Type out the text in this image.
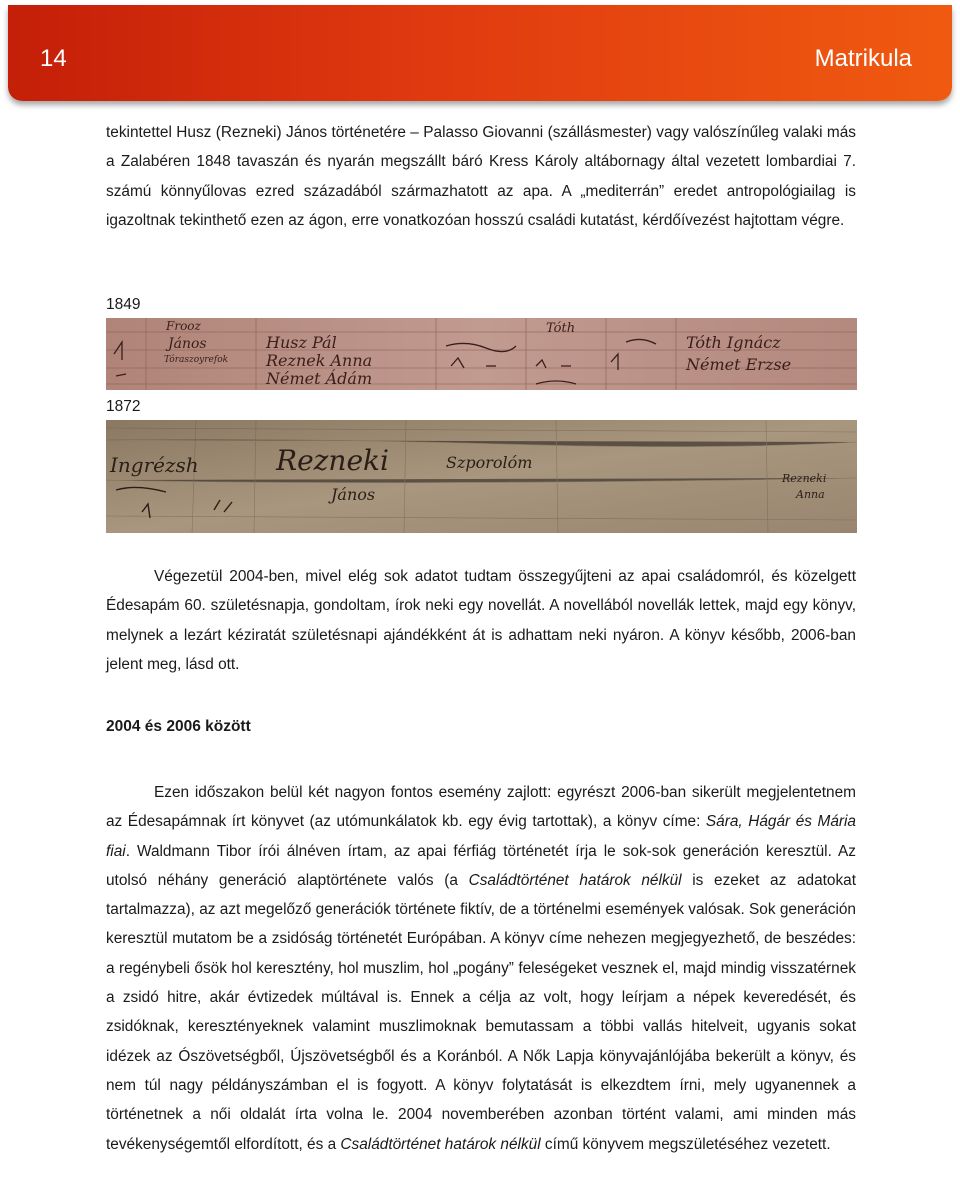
14	Matrikula

tekintettel Husz (Rezneki) János történetére – Palasso Giovanni (szállásmester) vagy valószínűleg valaki más a Zalabéren 1848 tavaszán és nyarán megszállt báró Kress Károly altábornagy által vezetett lombardiai 7. számú könnyűlovas ezred századából származhatott az apa. A „mediterrán” eredet antropológiailag is igazoltnak tekinthető ezen az ágon, erre vonatkozóan hosszú családi kutatást, kérdőívezést hajtottam végre.

1849

Frooz
János
Tóraszoyrefok
Husz Pál
Reznek Anna
Német Ádám
Tóth
Tóth Ignácz
Német Erzse

1872

Ingrézsh	Rezneki
János
Szporolóm
Rezneki
Anna

Végezetül 2004-ben, mivel elég sok adatot tudtam összegyűjteni az apai családomról, és közelgett Édesapám 60. születésnapja, gondoltam, írok neki egy novellát. A novellából novellák lettek, majd egy könyv, melynek a lezárt kéziratát születésnapi ajándékként át is adhattam neki nyáron. A könyv később, 2006-ban jelent meg, lásd ott.

2004 és 2006 között

Ezen időszakon belül két nagyon fontos esemény zajlott: egyrészt 2006-ban sikerült megjelentetnem az Édesapámnak írt könyvet (az utómunkálatok kb. egy évig tartottak), a könyv címe: Sára, Hágár és Mária fiai. Waldmann Tibor írói álnéven írtam, az apai férfiág történetét írja le sok-sok generáción keresztül. Az utolsó néhány generáció alaptörténete valós (a Családtörténet határok nélkül is ezeket az adatokat tartalmazza), az azt megelőző generációk története fiktív, de a történelmi események valósak. Sok generáción keresztül mutatom be a zsidóság történetét Európában. A könyv címe nehezen megjegyezhető, de beszédes: a regénybeli ősök hol keresztény, hol muszlim, hol „pogány” feleségeket vesznek el, majd mindig visszatérnek a zsidó hitre, akár évtizedek múltával is. Ennek a célja az volt, hogy leírjam a népek keveredését, és zsidóknak, keresztényeknek valamint muszlimoknak bemutassam a többi vallás hitelveit, ugyanis sokat idézek az Ószövetségből, Újszövetségből és a Koránból. A Nők Lapja könyvajánlójába bekerült a könyv, és nem túl nagy példányszámban el is fogyott. A könyv folytatását is elkezdtem írni, mely ugyanennek a történetnek a női oldalát írta volna le. 2004 novemberében azonban történt valami, ami minden más tevékenységemtől elfordított, és a Családtörténet határok nélkül című könyvem megszületéséhez vezetett.
